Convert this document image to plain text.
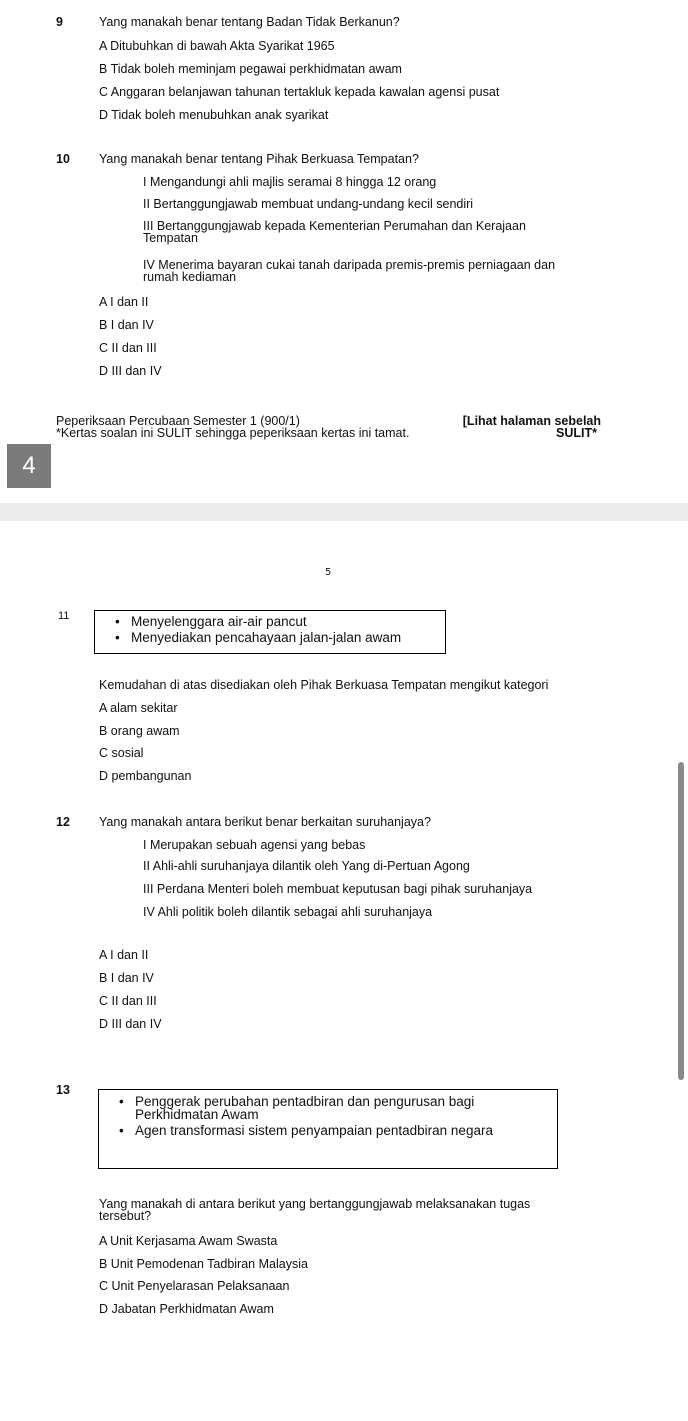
9	Yang manakah benar tentang Badan Tidak Berkanun?
A Ditubuhkan di bawah Akta Syarikat 1965
B Tidak boleh meminjam pegawai perkhidmatan awam
C Anggaran belanjawan tahunan tertakluk kepada kawalan agensi pusat
D Tidak boleh menubuhkan anak syarikat
10 Yang manakah benar tentang Pihak Berkuasa Tempatan?
I Mengandungi ahli majlis seramai 8 hingga 12 orang
II Bertanggungjawab membuat undang-undang kecil sendiri
III Bertanggungjawab kepada Kementerian Perumahan dan Kerajaan Tempatan
IV Menerima bayaran cukai tanah daripada premis-premis perniagaan dan rumah kediaman
A I dan II
B I dan IV
C II dan III
D III dan IV
Peperiksaan Percubaan Semester 1 (900/1)
*Kertas soalan ini SULIT sehingga peperiksaan kertas ini tamat.
[Lihat halaman sebelah
SULIT*
4
5
11
•	Menyelenggara air-air pancut
• Menyediakan pencahayaan jalan-jalan awam
Kemudahan di atas disediakan oleh Pihak Berkuasa Tempatan mengikut kategori
A alam sekitar
B orang awam
C sosial
D pembangunan
12 Yang manakah antara berikut benar berkaitan suruhanjaya?
I Merupakan sebuah agensi yang bebas
II Ahli-ahli suruhanjaya dilantik oleh Yang di-Pertuan Agong
III Perdana Menteri boleh membuat keputusan bagi pihak suruhanjaya
IV Ahli politik boleh dilantik sebagai ahli suruhanjaya
A I dan II
B I dan IV
C II dan III
D III dan IV
13
• Penggerak perubahan pentadbiran dan pengurusan bagi Perkhidmatan Awam
• Agen transformasi sistem penyampaian pentadbiran negara
Yang manakah di antara berikut yang bertanggungjawab melaksanakan tugas tersebut?
A Unit Kerjasama Awam Swasta
B Unit Pemodenan Tadbiran Malaysia
C Unit Penyelarasan Pelaksanaan
D Jabatan Perkhidmatan Awam
